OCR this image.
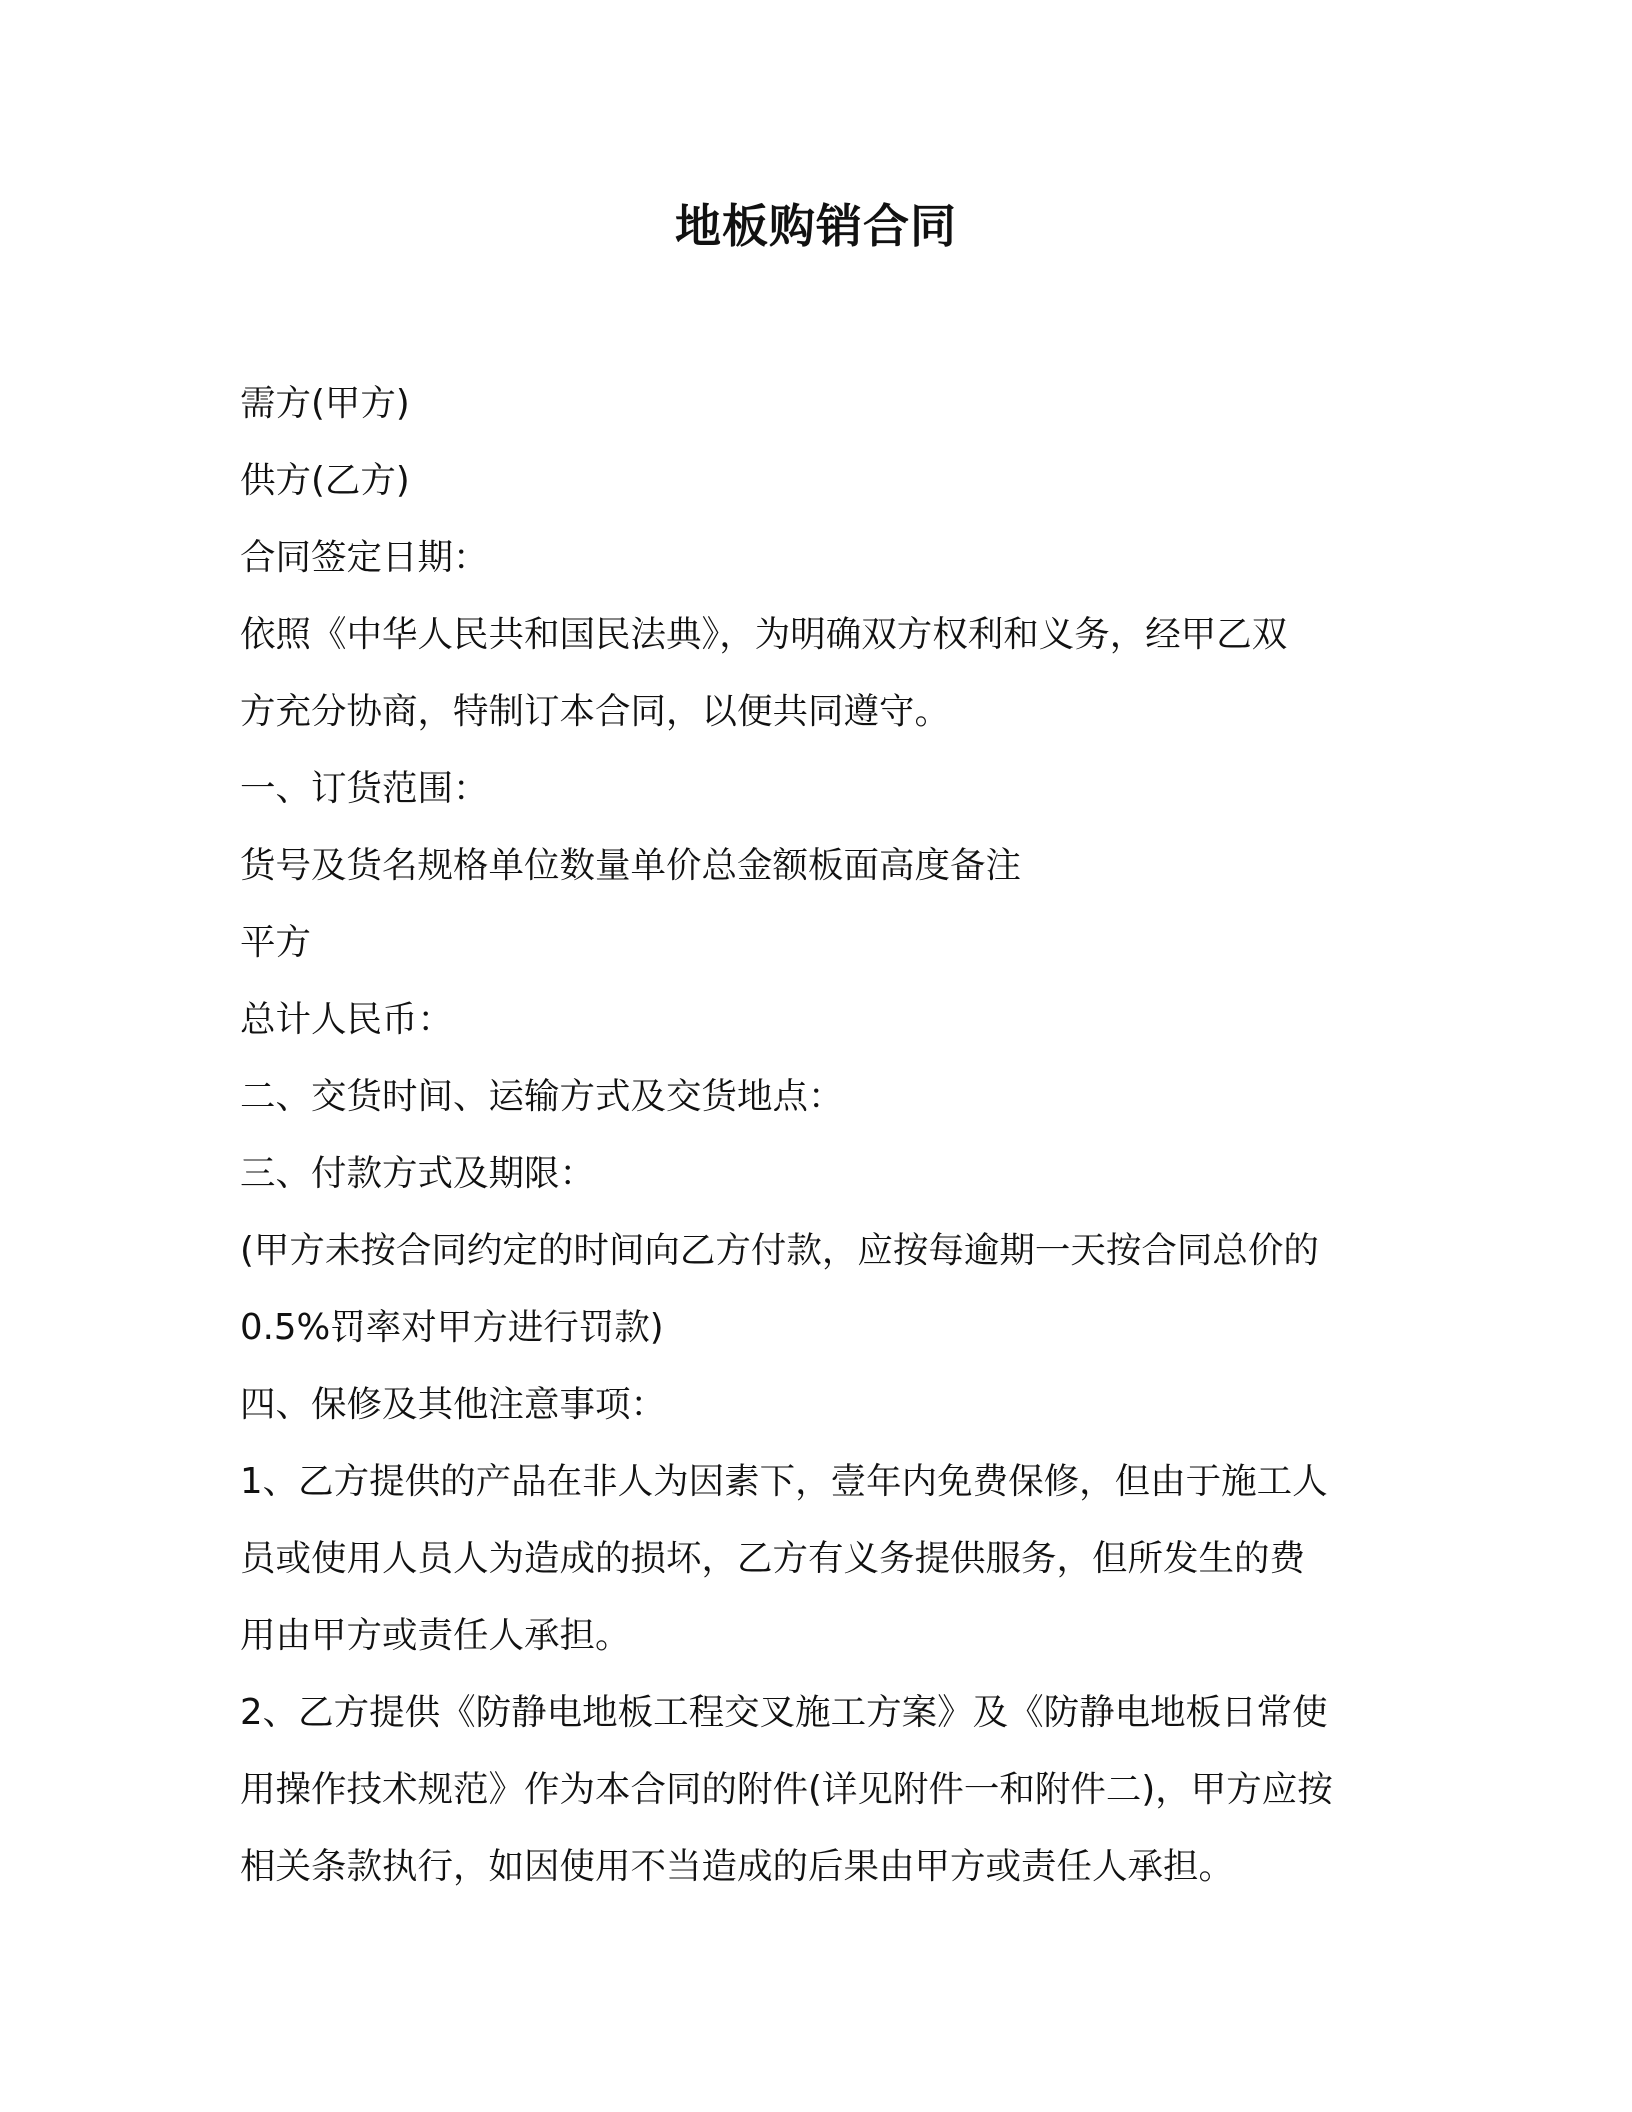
地板购销合同

需方(甲方)

供方(乙方)

合同签定日期：

依照《中华人民共和国民法典》，为明确双方权利和义务，经甲乙双

方充分协商，特制订本合同，以便共同遵守。

一、订货范围：

货号及货名规格单位数量单价总金额板面高度备注

平方

总计人民币：

二、交货时间、运输方式及交货地点：

三、付款方式及期限：

(甲方未按合同约定的时间向乙方付款，应按每逾期一天按合同总价的

0.5%罚率对甲方进行罚款)

四、保修及其他注意事项：

1、乙方提供的产品在非人为因素下，壹年内免费保修，但由于施工人

员或使用人员人为造成的损坏，乙方有义务提供服务，但所发生的费

用由甲方或责任人承担。

2、乙方提供《防静电地板工程交叉施工方案》及《防静电地板日常使

用操作技术规范》作为本合同的附件(详见附件一和附件二)，甲方应按

相关条款执行，如因使用不当造成的后果由甲方或责任人承担。
